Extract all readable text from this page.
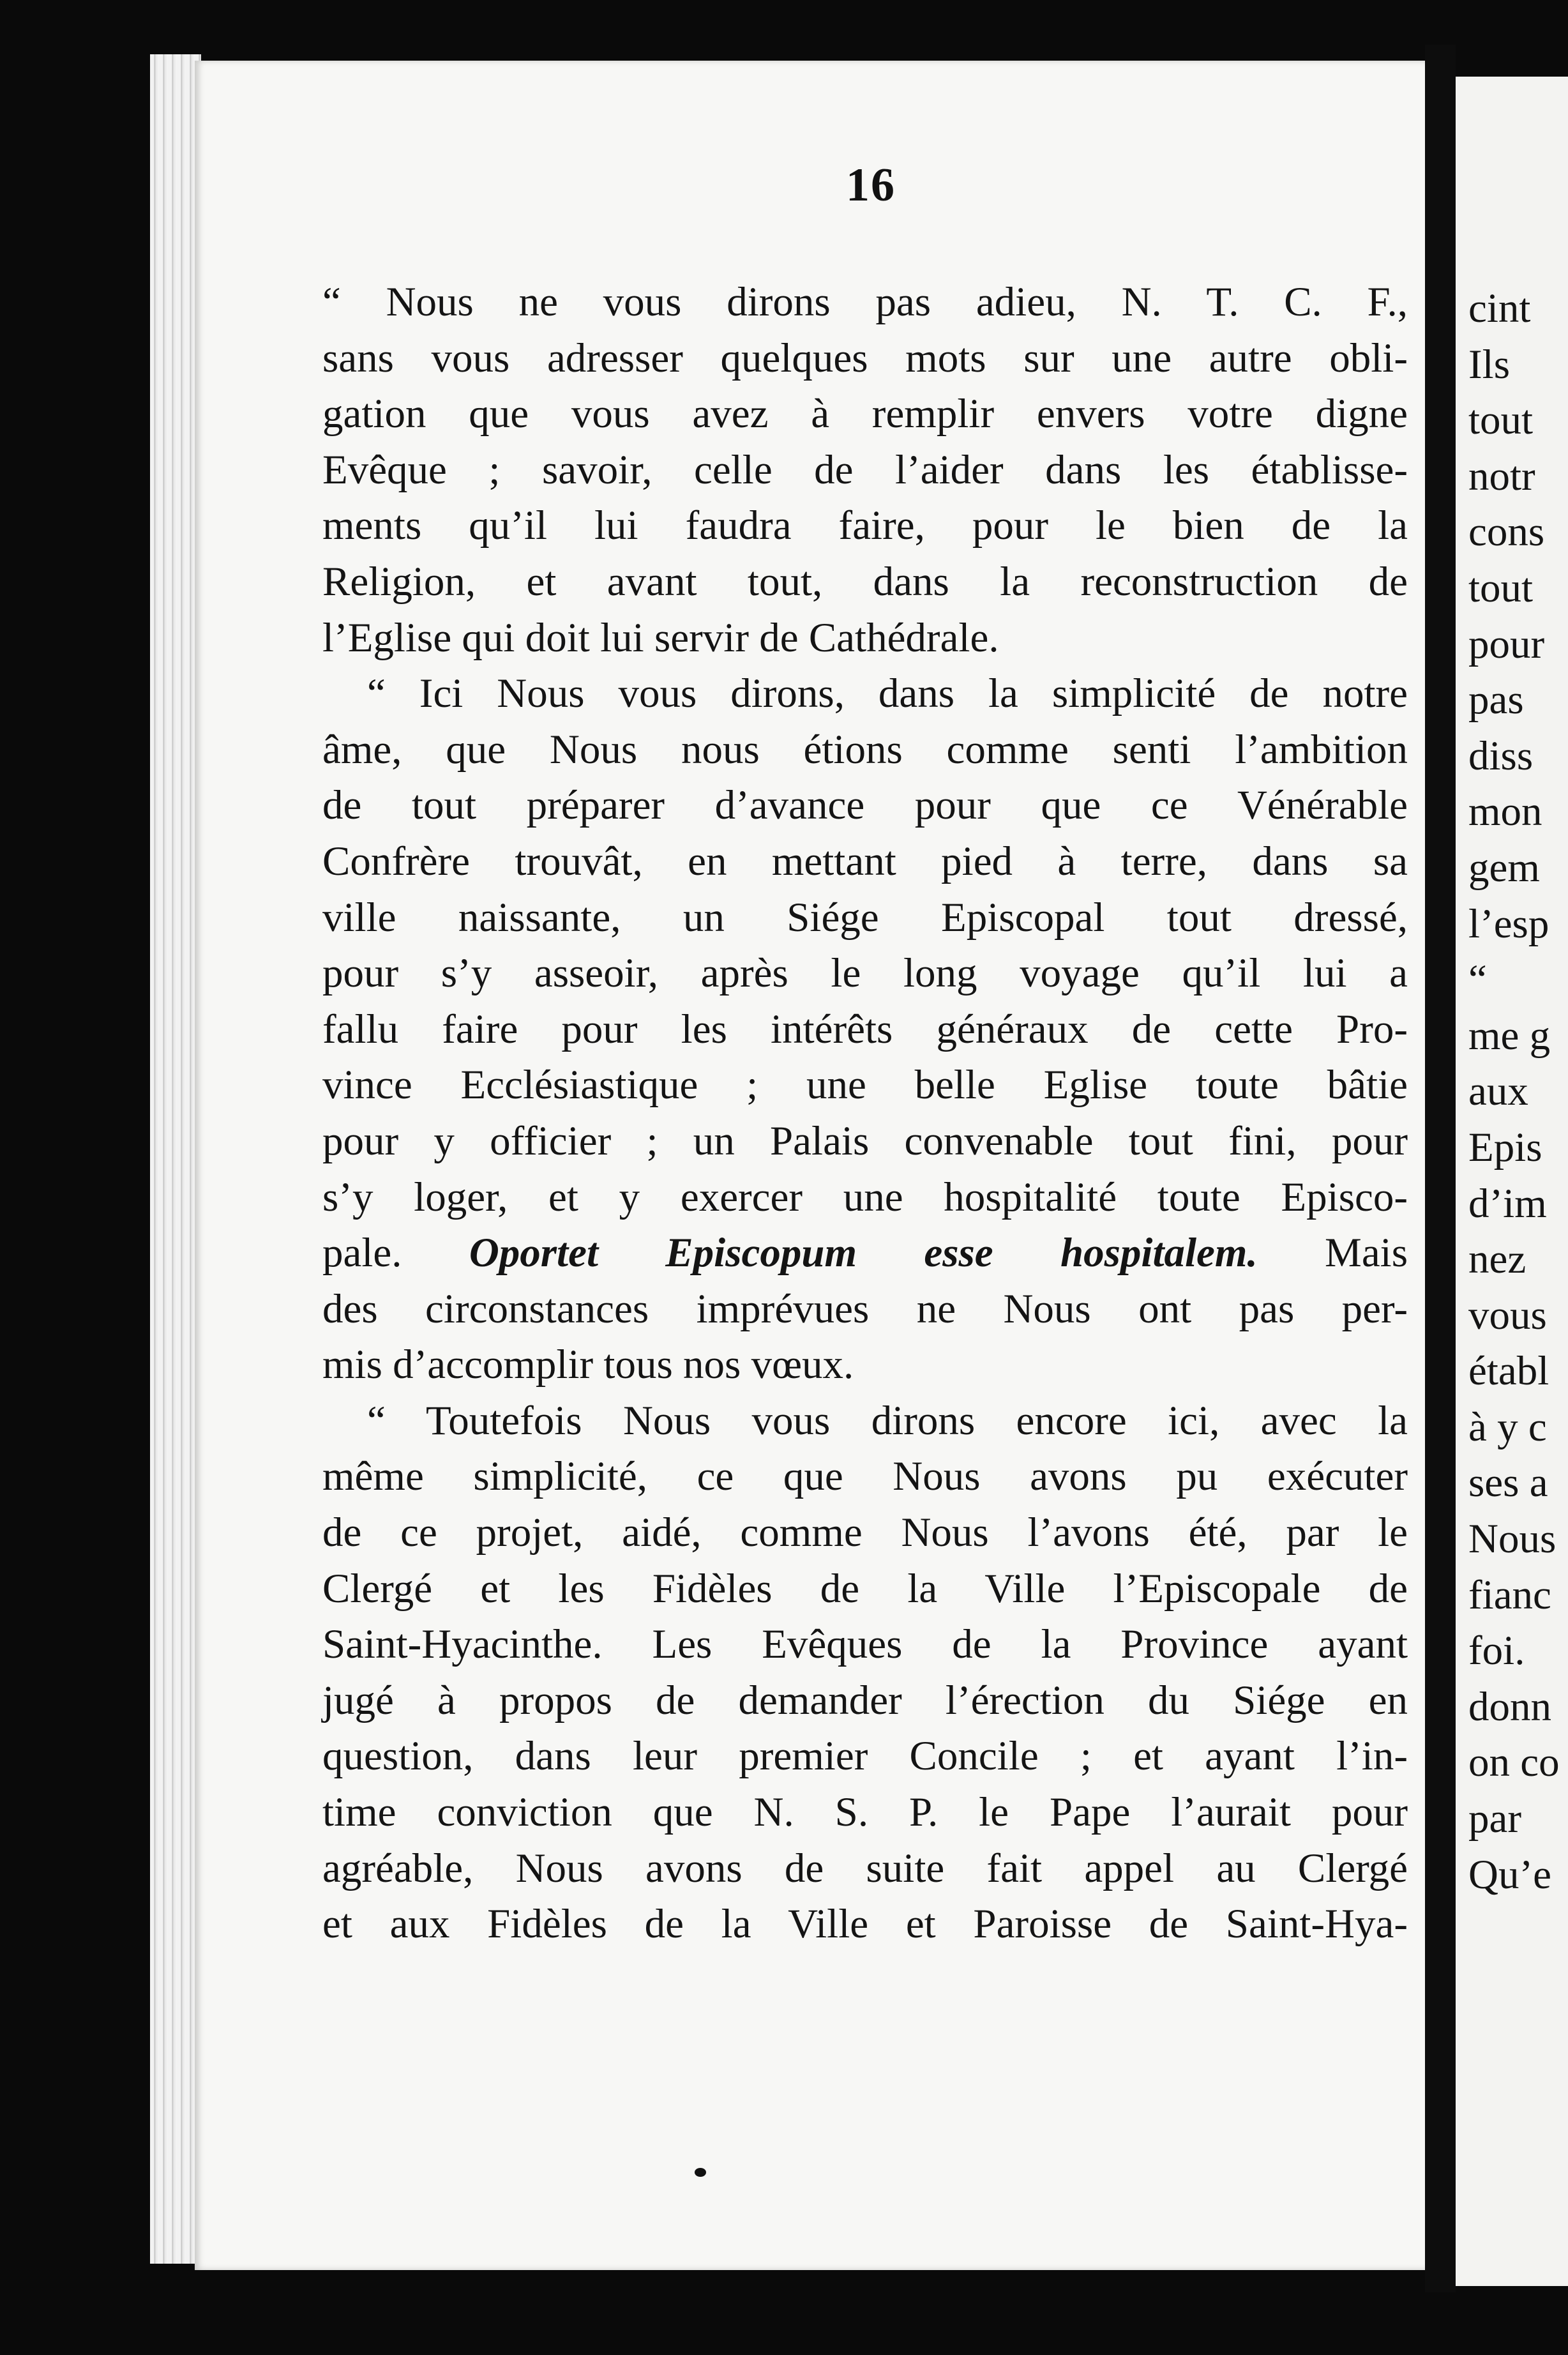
16
“ Nous ne vous dirons pas adieu, N. T. C. F.,
sans vous adresser quelques mots sur une autre obli-
gation que vous avez à remplir envers votre digne
Evêque ; savoir, celle de l’aider dans les établisse-
ments qu’il lui faudra faire, pour le bien de la
Religion, et avant tout, dans la reconstruction de
l’Eglise qui doit lui servir de Cathédrale.
“ Ici Nous vous dirons, dans la simplicité de notre
âme, que Nous nous étions comme senti l’ambition
de tout préparer d’avance pour que ce Vénérable
Confrère trouvât, en mettant pied à terre, dans sa
ville naissante, un Siége Episcopal tout dressé,
pour s’y asseoir, après le long voyage qu’il lui a
fallu faire pour les intérêts généraux de cette Pro-
vince Ecclésiastique ; une belle Eglise toute bâtie
pour y officier ; un Palais convenable tout fini, pour
s’y loger, et y exercer une hospitalité toute Episco-
pale. Oportet Episcopum esse hospitalem. Mais
des circonstances imprévues ne Nous ont pas per-
mis d’accomplir tous nos vœux.
“ Toutefois Nous vous dirons encore ici, avec la
même simplicité, ce que Nous avons pu exécuter
de ce projet, aidé, comme Nous l’avons été, par le
Clergé et les Fidèles de la Ville l’Episcopale de
Saint-Hyacinthe. Les Evêques de la Province ayant
jugé à propos de demander l’érection du Siége en
question, dans leur premier Concile ; et ayant l’in-
time conviction que N. S. P. le Pape l’aurait pour
agréable, Nous avons de suite fait appel au Clergé
et aux Fidèles de la Ville et Paroisse de Saint-Hya-
cint
Ils
tout
notr
cons
tout
pour
pas
diss
mon
gem
l’esp
“
me g
aux
Epis
d’im
nez
vous
établ
à y c
ses a
Nous
fianc
foi.
donn
on co
par
Qu’e
